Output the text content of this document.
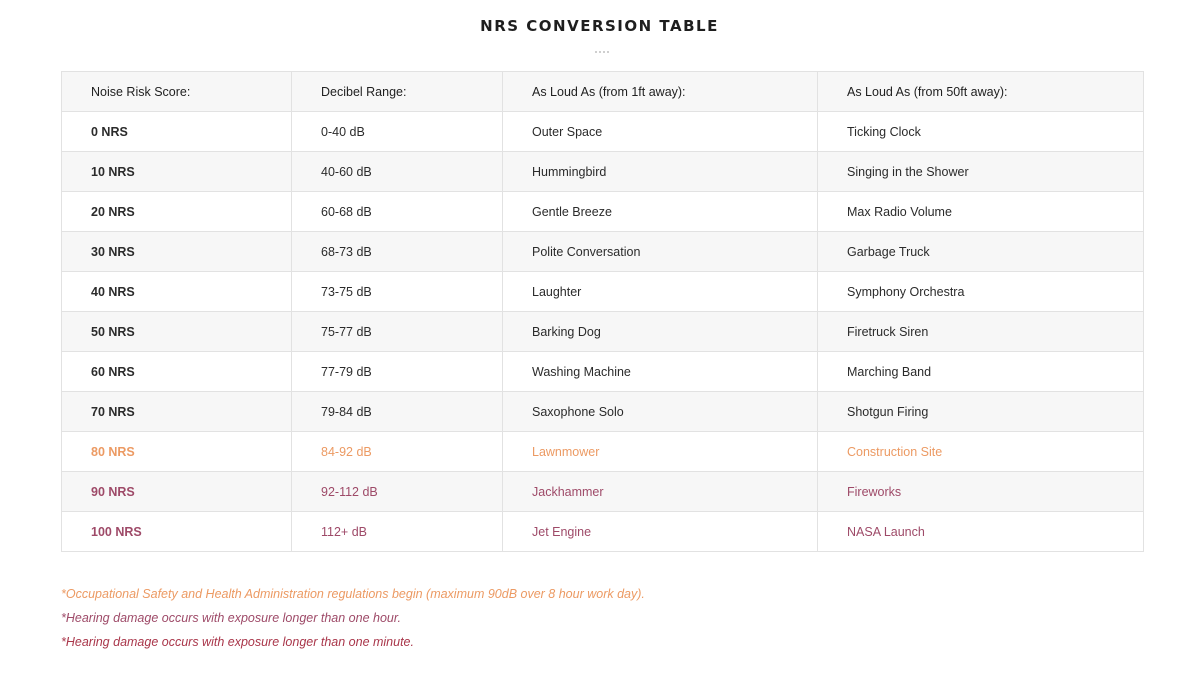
NRS CONVERSION TABLE
Noise Risk Score:	Decibel Range:	As Loud As (from 1ft away):	As Loud As (from 50ft away):
0 NRS	0-40 dB	Outer Space	Ticking Clock
10 NRS	40-60 dB	Hummingbird	Singing in the Shower
20 NRS	60-68 dB	Gentle Breeze	Max Radio Volume
30 NRS	68-73 dB	Polite Conversation	Garbage Truck
40 NRS	73-75 dB	Laughter	Symphony Orchestra
50 NRS	75-77 dB	Barking Dog	Firetruck Siren
60 NRS	77-79 dB	Washing Machine	Marching Band
70 NRS	79-84 dB	Saxophone Solo	Shotgun Firing
80 NRS	84-92 dB	Lawnmower	Construction Site
90 NRS	92-112 dB	Jackhammer	Fireworks
100 NRS	112+ dB	Jet Engine	NASA Launch
*Occupational Safety and Health Administration regulations begin (maximum 90dB over 8 hour work day).
*Hearing damage occurs with exposure longer than one hour.
*Hearing damage occurs with exposure longer than one minute.
